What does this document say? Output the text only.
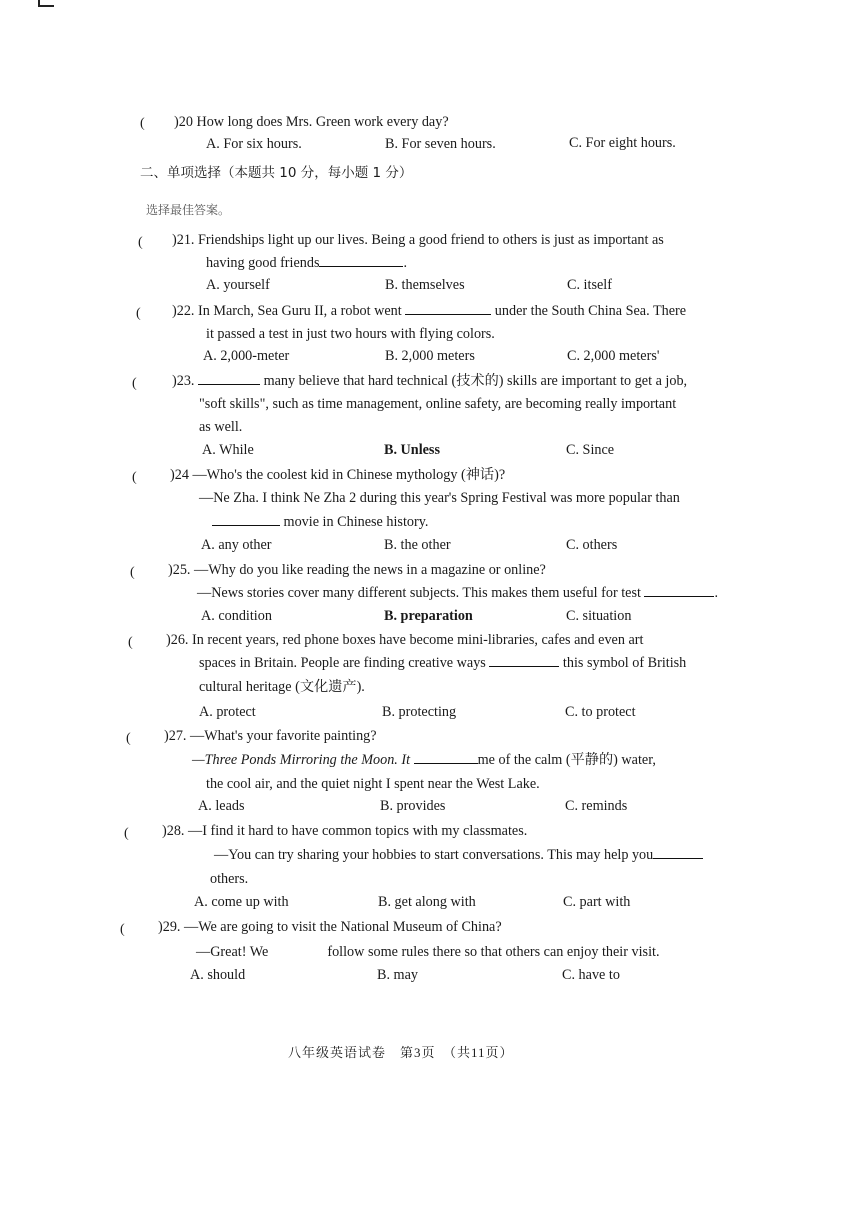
( )20 How long does Mrs. Green work every day?
A. For six hours.	B. For seven hours.	C. For eight hours.
二、单项选择（本题共 10 分，每小题 1 分）
选择最佳答案。
( )21. Friendships light up our lives. Being a good friend to others is just as important as
having good friends	.
A. yourself	B. themselves	C. itself
( )22. In March, Sea Guru II, a robot went	under the South China Sea. There
it passed a test in just two hours with flying colors.
A. 2,000-meter	B. 2,000 meters	C. 2,000 meters'
( )23.	many believe that hard technical (技术的) skills are important to get a job,
"soft skills", such as time management, online safety, are becoming really important
as well.
A. While	B. Unless	C. Since
( )24 —Who's the coolest kid in Chinese mythology (神话)?
—Ne Zha. I think Ne Zha 2 during this year's Spring Festival was more popular than
movie in Chinese history.
A. any other	B. the other	C. others
( )25. —Why do you like reading the news in a magazine or online?
—News stories cover many different subjects. This makes them useful for test	.
A. condition	B. preparation	C. situation
( )26. In recent years, red phone boxes have become mini-libraries, cafes and even art
spaces in Britain. People are finding creative ways	this symbol of British
cultural heritage (文化遗产).
A. protect	B. protecting	C. to protect
( )27. —What's your favorite painting?
—Three Ponds Mirroring the Moon. It	me of the calm (平静的) water,
the cool air, and the quiet night I spent near the West Lake.
A. leads	B. provides	C. reminds
( )28. —I find it hard to have common topics with my classmates.
—You can try sharing your hobbies to start conversations. This may help you
others.
A. come up with	B. get along with	C. part with
( )29. —We are going to visit the National Museum of China?
—Great! We	follow some rules there so that others can enjoy their visit.
A. should	B. may	C. have to
八年级英语试卷　第3页　（共11页）
